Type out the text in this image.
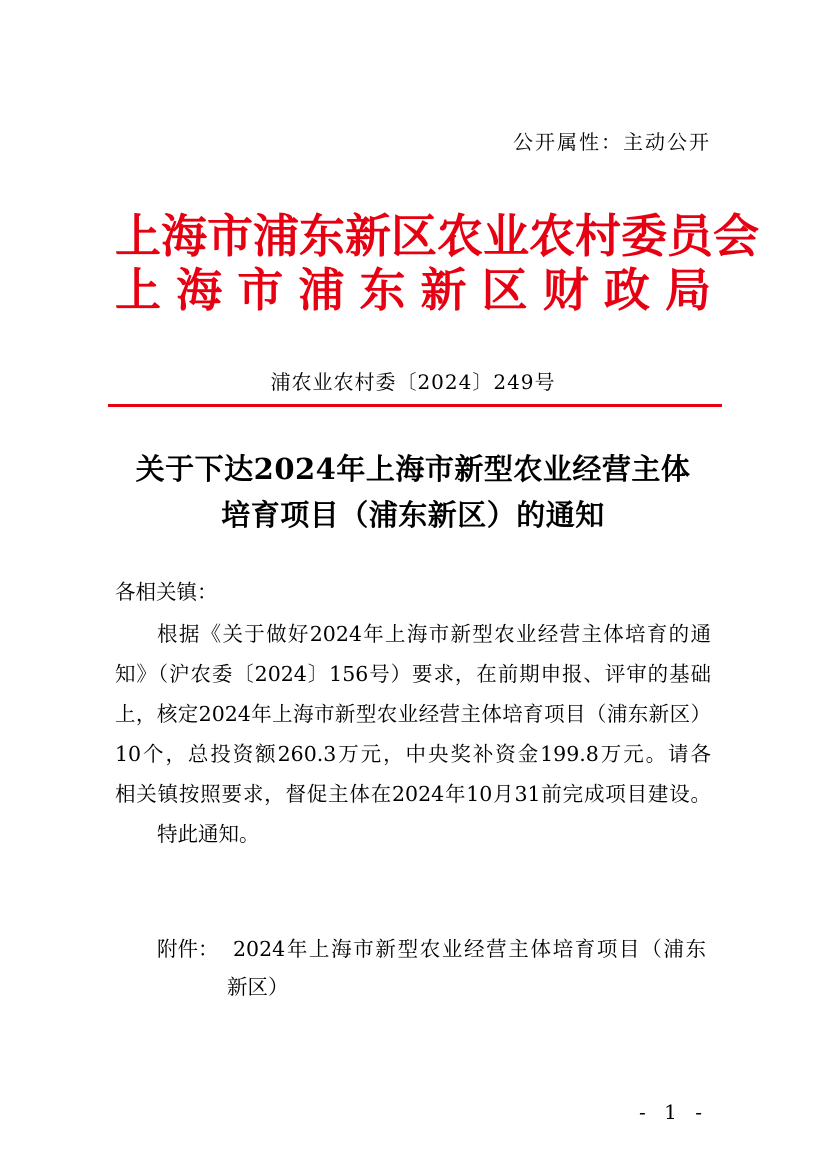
公开属性：主动公开
上海市浦东新区农业农村委员会
上海市浦东新区财政局
浦农业农村委〔2024〕249号
关于下达2024年上海市新型农业经营主体
培育项目（浦东新区）的通知
各相关镇：
根据《关于做好2024年上海市新型农业经营主体培育的通
知》（沪农委〔2024〕156号）要求，在前期申报、评审的基础
上，核定2024年上海市新型农业经营主体培育项目（浦东新区）
10个，总投资额260.3万元，中央奖补资金199.8万元。请各
相关镇按照要求，督促主体在2024年10月31前完成项目建设。
特此通知。
附件： 2024年上海市新型农业经营主体培育项目（浦东
新区）
- 1 -
